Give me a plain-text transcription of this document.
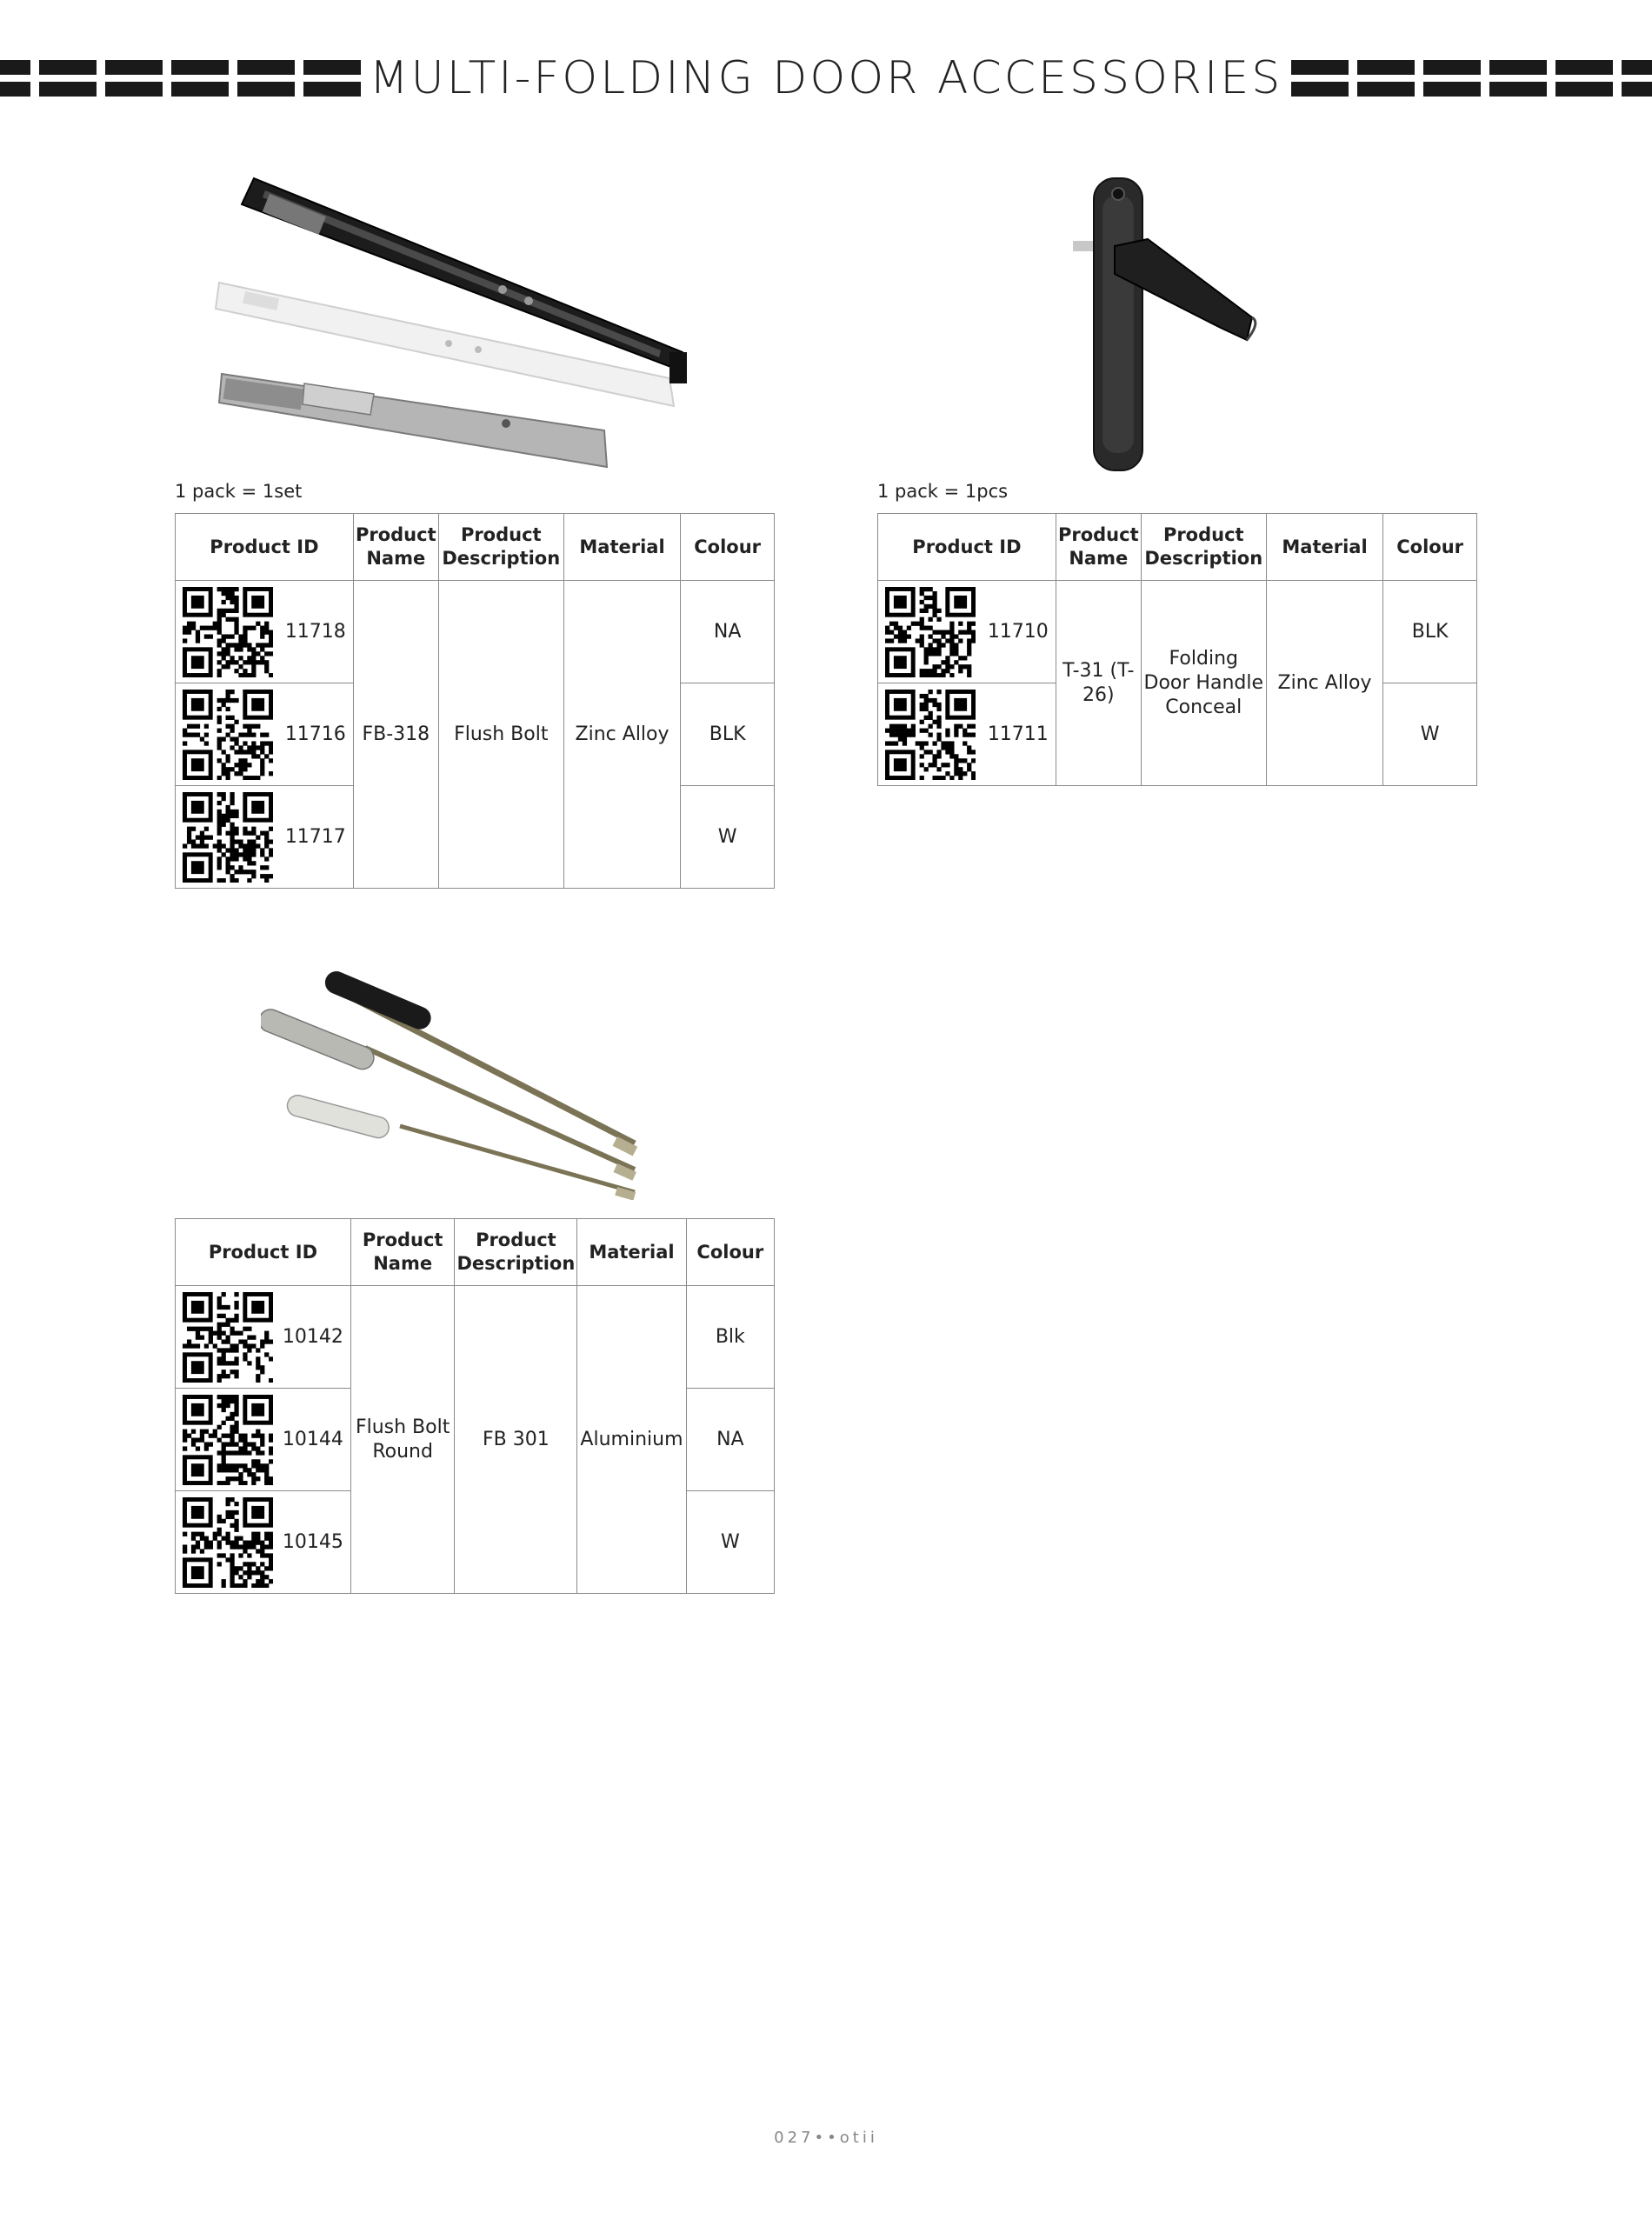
MULTI-FOLDING DOOR ACCESSORIES
1 pack = 1set
Product ID	Product Name	Product Description	Material	Colour

11718	FB-318	Flush Bolt	Zinc Alloy	NA

11716				BLK

11717				W
1 pack = 1pcs
Product ID	Product Name	Product Description	Material	Colour

11710	T-31 (T-26)	Folding Door Handle Conceal	Zinc Alloy	BLK

11711				W
Product ID	Product Name	Product Description	Material	Colour

10142	Flush Bolt Round	FB 301	Aluminium	Blk

10144				NA

10145				W
027••otii
